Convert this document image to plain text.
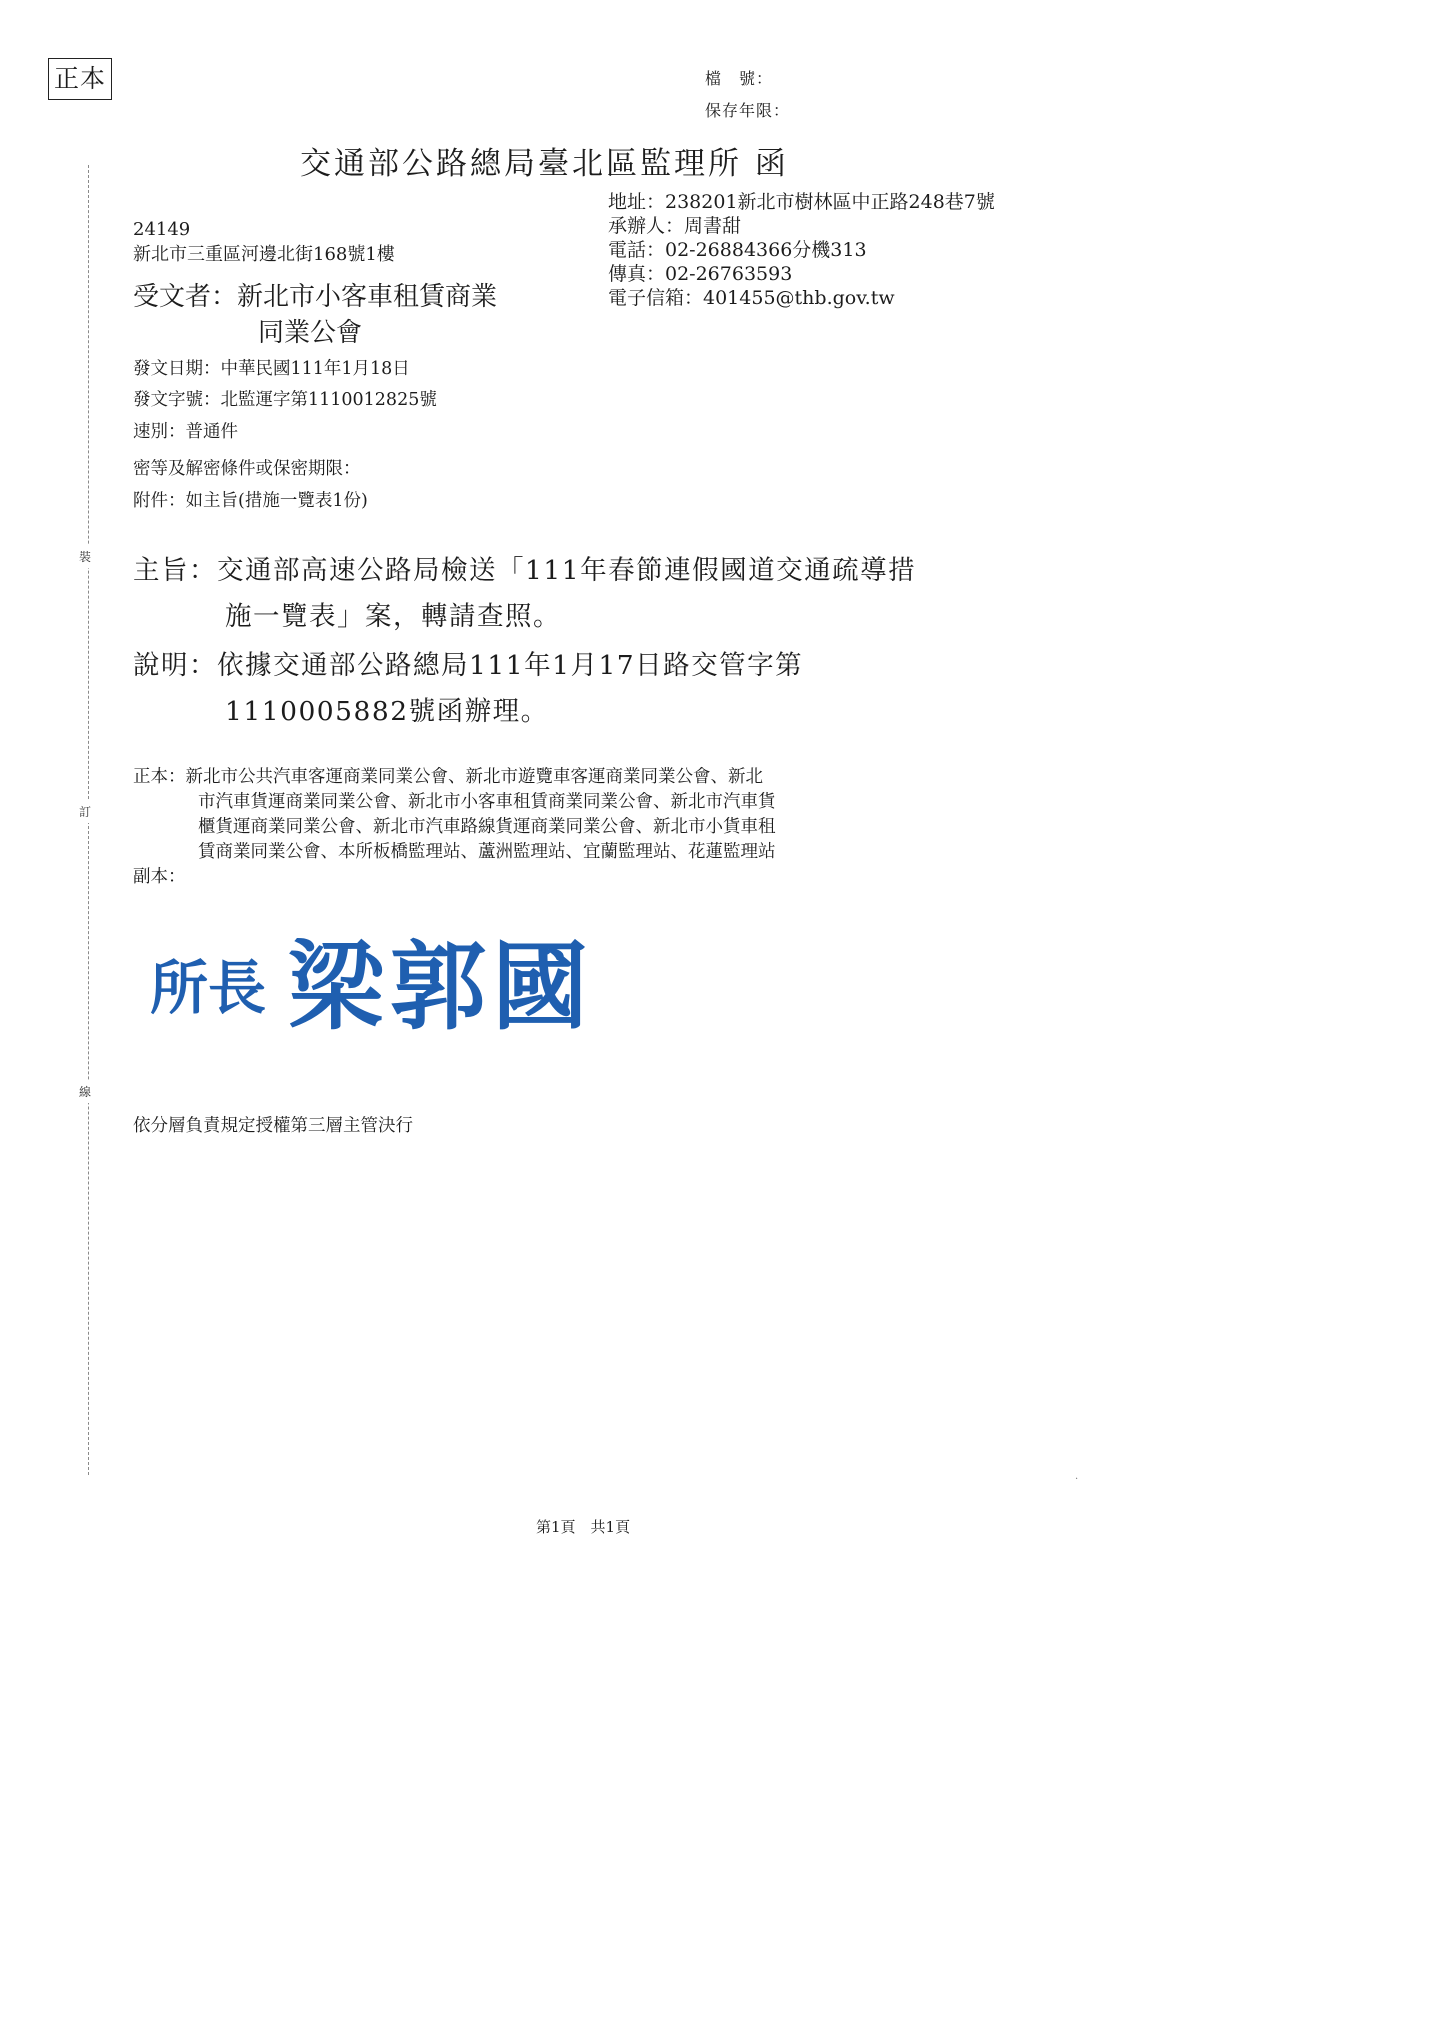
正本	檔　號：
保存年限：
交通部公路總局臺北區監理所 函
地址：238201新北市樹林區中正路248巷7號
承辦人：周書甜
電話：02-26884366分機313
傳真：02-26763593
電子信箱：401455@thb.gov.tw
24149
新北市三重區河邊北街168號1樓
受文者：新北市小客車租賃商業
同業公會
發文日期：中華民國111年1月18日
發文字號：北監運字第1110012825號
速別：普通件
密等及解密條件或保密期限：
附件：如主旨(措施一覽表1份)
裝
訂
線
主旨：交通部高速公路局檢送「111年春節連假國道交通疏導措
施一覽表」案，轉請查照。
說明：依據交通部公路總局111年1月17日路交管字第
1110005882號函辦理。
正本：新北市公共汽車客運商業同業公會、新北市遊覽車客運商業同業公會、新北
市汽車貨運商業同業公會、新北市小客車租賃商業同業公會、新北市汽車貨
櫃貨運商業同業公會、新北市汽車路線貨運商業同業公會、新北市小貨車租
賃商業同業公會、本所板橋監理站、蘆洲監理站、宜蘭監理站、花蓮監理站
副本：
所長 梁郭國
依分層負責規定授權第三層主管決行
第1頁　共1頁
.
